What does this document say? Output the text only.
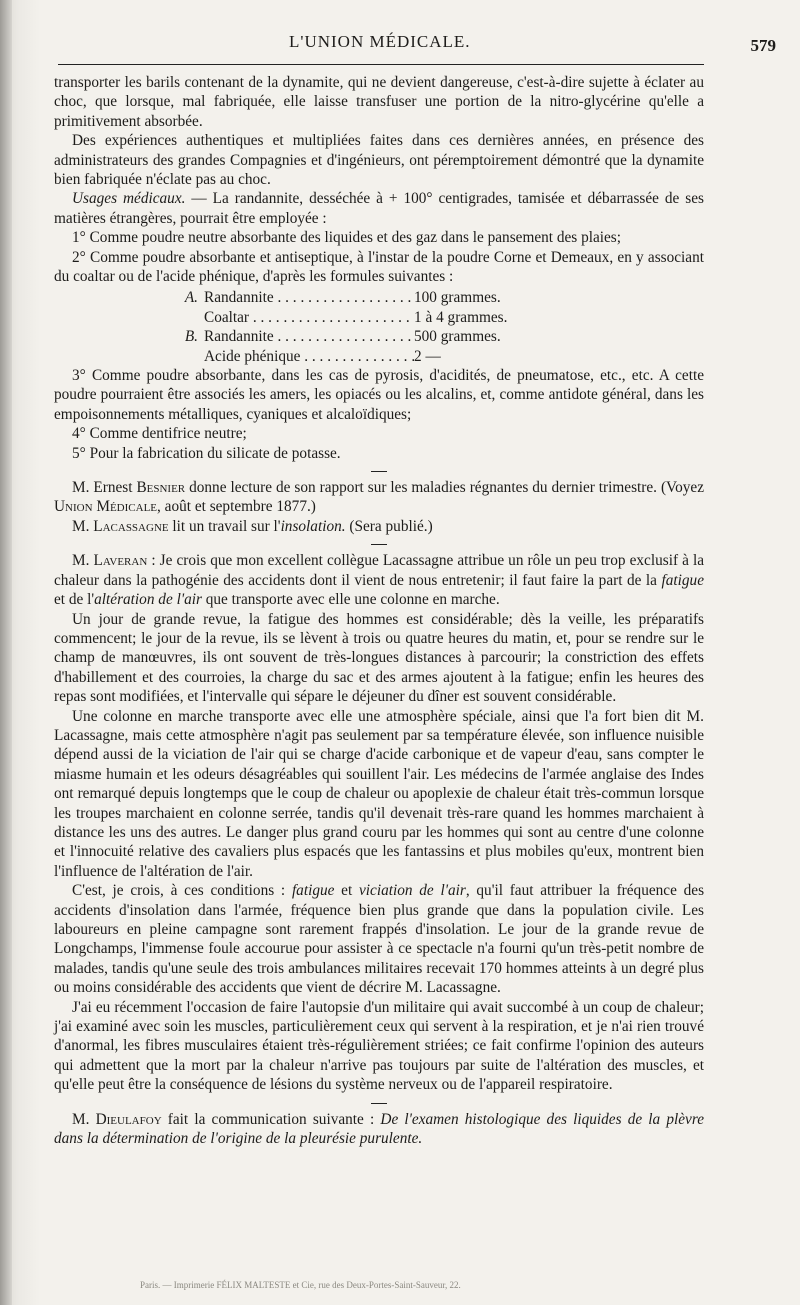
L'UNION MÉDICALE.	579

transporter les barils contenant de la dynamite, qui ne devient dangereuse, c'est-à-dire sujette à éclater au choc, que lorsque, mal fabriquée, elle laisse transfuser une portion de la nitro-glycérine qu'elle a primitivement absorbée.

Des expériences authentiques et multipliées faites dans ces dernières années, en présence des administrateurs des grandes Compagnies et d'ingénieurs, ont péremptoirement démontré que la dynamite bien fabriquée n'éclate pas au choc.

Usages médicaux. — La randannite, desséchée à + 100° centigrades, tamisée et débarrassée de ses matières étrangères, pourrait être employée :

1° Comme poudre neutre absorbante des liquides et des gaz dans le pansement des plaies;

2° Comme poudre absorbante et antiseptique, à l'instar de la poudre Corne et Demeaux, en y associant du coaltar ou de l'acide phénique, d'après les formules suivantes :

A. Randannite . . .	100 grammes.
Coaltar . . .	1 à 4 grammes.
B. Randannite . . .	500 grammes.
Acide phénique . . .	2 —

3° Comme poudre absorbante, dans les cas de pyrosis, d'acidités, de pneumatose, etc., etc. A cette poudre pourraient être associés les amers, les opiacés ou les alcalins, et, comme antidote général, dans les empoisonnements métalliques, cyaniques et alcaloïdiques;

4° Comme dentifrice neutre;

5° Pour la fabrication du silicate de potasse.

M. Ernest Besnier donne lecture de son rapport sur les maladies régnantes du dernier trimestre. (Voyez Union Médicale, août et septembre 1877.)

M. Lacassagne lit un travail sur l'insolation. (Sera publié.)

M. Laveran : Je crois que mon excellent collègue Lacassagne attribue un rôle un peu trop exclusif à la chaleur dans la pathogénie des accidents dont il vient de nous entretenir; il faut faire la part de la fatigue et de l'altération de l'air que transporte avec elle une colonne en marche.

Un jour de grande revue, la fatigue des hommes est considérable; dès la veille, les préparatifs commencent; le jour de la revue, ils se lèvent à trois ou quatre heures du matin, et, pour se rendre sur le champ de manœuvres, ils ont souvent de très-longues distances à parcourir; la constriction des effets d'habillement et des courroies, la charge du sac et des armes ajoutent à la fatigue; enfin les heures des repas sont modifiées, et l'intervalle qui sépare le déjeuner du dîner est souvent considérable.

Une colonne en marche transporte avec elle une atmosphère spéciale, ainsi que l'a fort bien dit M. Lacassagne, mais cette atmosphère n'agit pas seulement par sa température élevée, son influence nuisible dépend aussi de la viciation de l'air qui se charge d'acide carbonique et de vapeur d'eau, sans compter le miasme humain et les odeurs désagréables qui souillent l'air. Les médecins de l'armée anglaise des Indes ont remarqué depuis longtemps que le coup de chaleur ou apoplexie de chaleur était très-commun lorsque les troupes marchaient en colonne serrée, tandis qu'il devenait très-rare quand les hommes marchaient à distance les uns des autres. Le danger plus grand couru par les hommes qui sont au centre d'une colonne et l'innocuité relative des cavaliers plus espacés que les fantassins et plus mobiles qu'eux, montrent bien l'influence de l'altération de l'air.

C'est, je crois, à ces conditions : fatigue et viciation de l'air, qu'il faut attribuer la fréquence des accidents d'insolation dans l'armée, fréquence bien plus grande que dans la population civile. Les laboureurs en pleine campagne sont rarement frappés d'insolation. Le jour de la grande revue de Longchamps, l'immense foule accourue pour assister à ce spectacle n'a fourni qu'un très-petit nombre de malades, tandis qu'une seule des trois ambulances militaires recevait 170 hommes atteints à un degré plus ou moins considérable des accidents que vient de décrire M. Lacassagne.

J'ai eu récemment l'occasion de faire l'autopsie d'un militaire qui avait succombé à un coup de chaleur; j'ai examiné avec soin les muscles, particulièrement ceux qui servent à la respiration, et je n'ai rien trouvé d'anormal, les fibres musculaires étaient très-régulièrement striées; ce fait confirme l'opinion des auteurs qui admettent que la mort par la chaleur n'arrive pas toujours par suite de l'altération des muscles, et qu'elle peut être la conséquence de lésions du système nerveux ou de l'appareil respiratoire.

M. Dieulafoy fait la communication suivante : De l'examen histologique des liquides de la plèvre dans la détermination de l'origine de la pleurésie purulente.

Paris. — Imprimerie FÉLIX MALTESTE et Cie, rue des Deux-Portes-Saint-Sauveur, 22.
